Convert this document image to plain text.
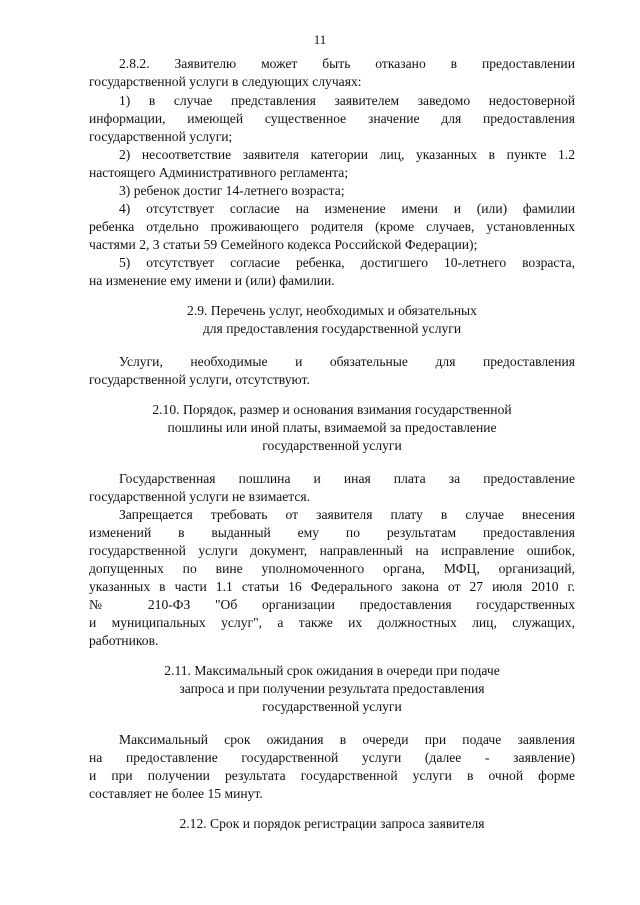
11
2.8.2. Заявителю может быть отказано в предоставлении
государственной услуги в следующих случаях:
1) в случае представления заявителем заведомо недостоверной
информации, имеющей существенное значение для предоставления
государственной услуги;
2) несоответствие заявителя категории лиц, указанных в пункте 1.2
настоящего Административного регламента;
3) ребенок достиг 14-летнего возраста;
4) отсутствует согласие на изменение имени и (или) фамилии
ребенка отдельно проживающего родителя (кроме случаев, установленных
частями 2, 3 статьи 59 Семейного кодекса Российской Федерации);
5) отсутствует согласие ребенка, достигшего 10-летнего возраста,
на изменение ему имени и (или) фамилии.
2.9. Перечень услуг, необходимых и обязательных
для предоставления государственной услуги
Услуги, необходимые и обязательные для предоставления
государственной услуги, отсутствуют.
2.10. Порядок, размер и основания взимания государственной
пошлины или иной платы, взимаемой за предоставление
государственной услуги
Государственная пошлина и иная плата за предоставление
государственной услуги не взимается.
Запрещается требовать от заявителя плату в случае внесения
изменений в выданный ему по результатам предоставления
государственной услуги документ, направленный на исправление ошибок,
допущенных по вине уполномоченного органа, МФЦ, организаций,
указанных в части 1.1 статьи 16 Федерального закона от 27 июля 2010 г.
№ 210-ФЗ "Об организации предоставления государственных
и муниципальных услуг", а также их должностных лиц, служащих,
работников.
2.11. Максимальный срок ожидания в очереди при подаче
запроса и при получении результата предоставления
государственной услуги
Максимальный срок ожидания в очереди при подаче заявления
на предоставление государственной услуги (далее - заявление)
и при получении результата государственной услуги в очной форме
составляет не более 15 минут.
2.12. Срок и порядок регистрации запроса заявителя
